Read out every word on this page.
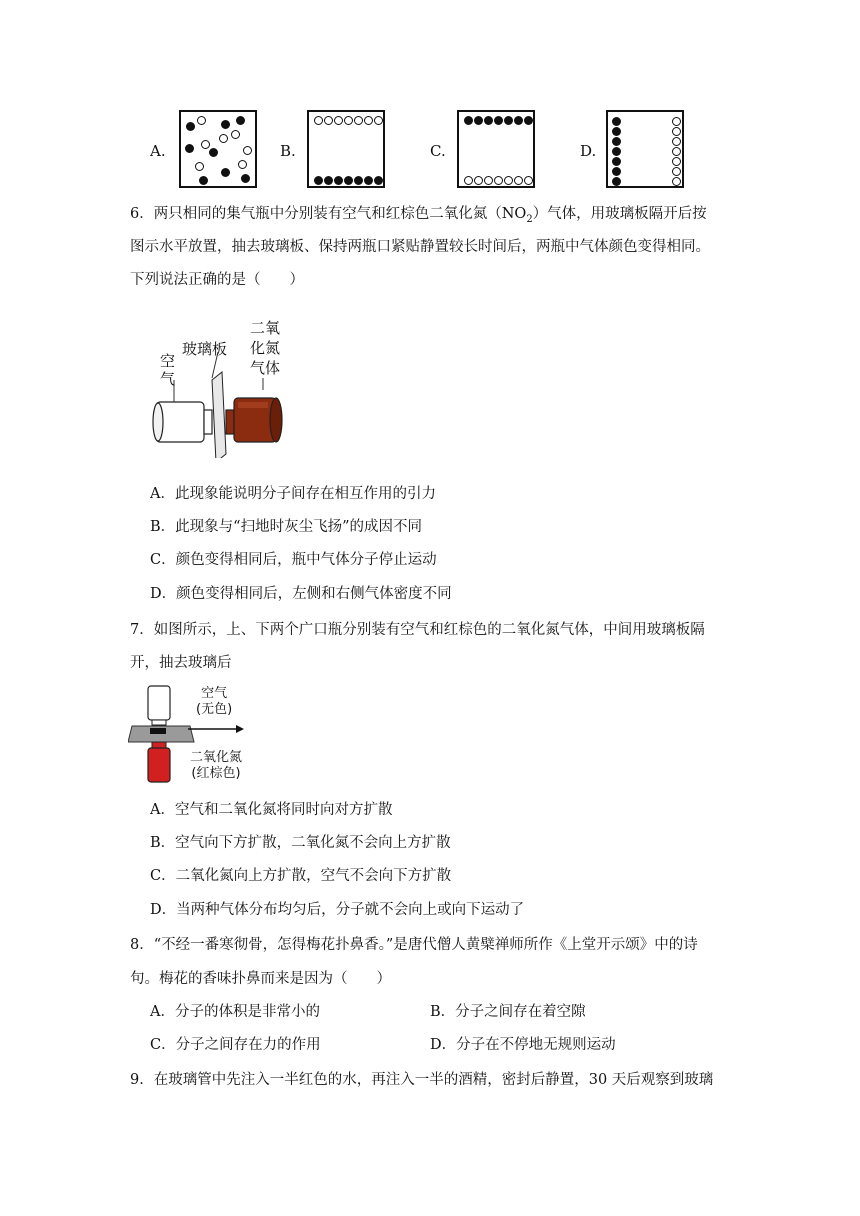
A.	B.	C.	D.
6．两只相同的集气瓶中分别装有空气和红棕色二氧化氮$(NO_2)$气体，用玻璃板隔开后按
图示水平放置，抽去玻璃板、保持两瓶口紧贴静置较长时间后，两瓶中气体颜色变得相同。
下列说法正确的是（　　）
空
气
玻璃板
二氧
化氮
气体
A．此现象能说明分子间存在相互作用的引力
B．此现象与“扫地时灰尘飞扬”的成因不同
C．颜色变得相同后，瓶中气体分子停止运动
D．颜色变得相同后，左侧和右侧气体密度不同
7．如图所示，上、下两个广口瓶分别装有空气和红棕色的二氧化氮气体，中间用玻璃板隔
开，抽去玻璃后
空气
(无色)
二氧化氮
(红棕色)
A．空气和二氧化氮将同时向对方扩散
B．空气向下方扩散，二氧化氮不会向上方扩散
C．二氧化氮向上方扩散，空气不会向下方扩散
D．当两种气体分布均匀后，分子就不会向上或向下运动了
8．“不经一番寒彻骨，怎得梅花扑鼻香。”是唐代僧人黄檗禅师所作《上堂开示颂》中的诗
句。梅花的香味扑鼻而来是因为（　　）
A．分子的体积是非常小的	B．分子之间存在着空隙
C．分子之间存在力的作用	D．分子在不停地无规则运动
9．在玻璃管中先注入一半红色的水，再注入一半的酒精，密封后静置，30 天后观察到玻璃
